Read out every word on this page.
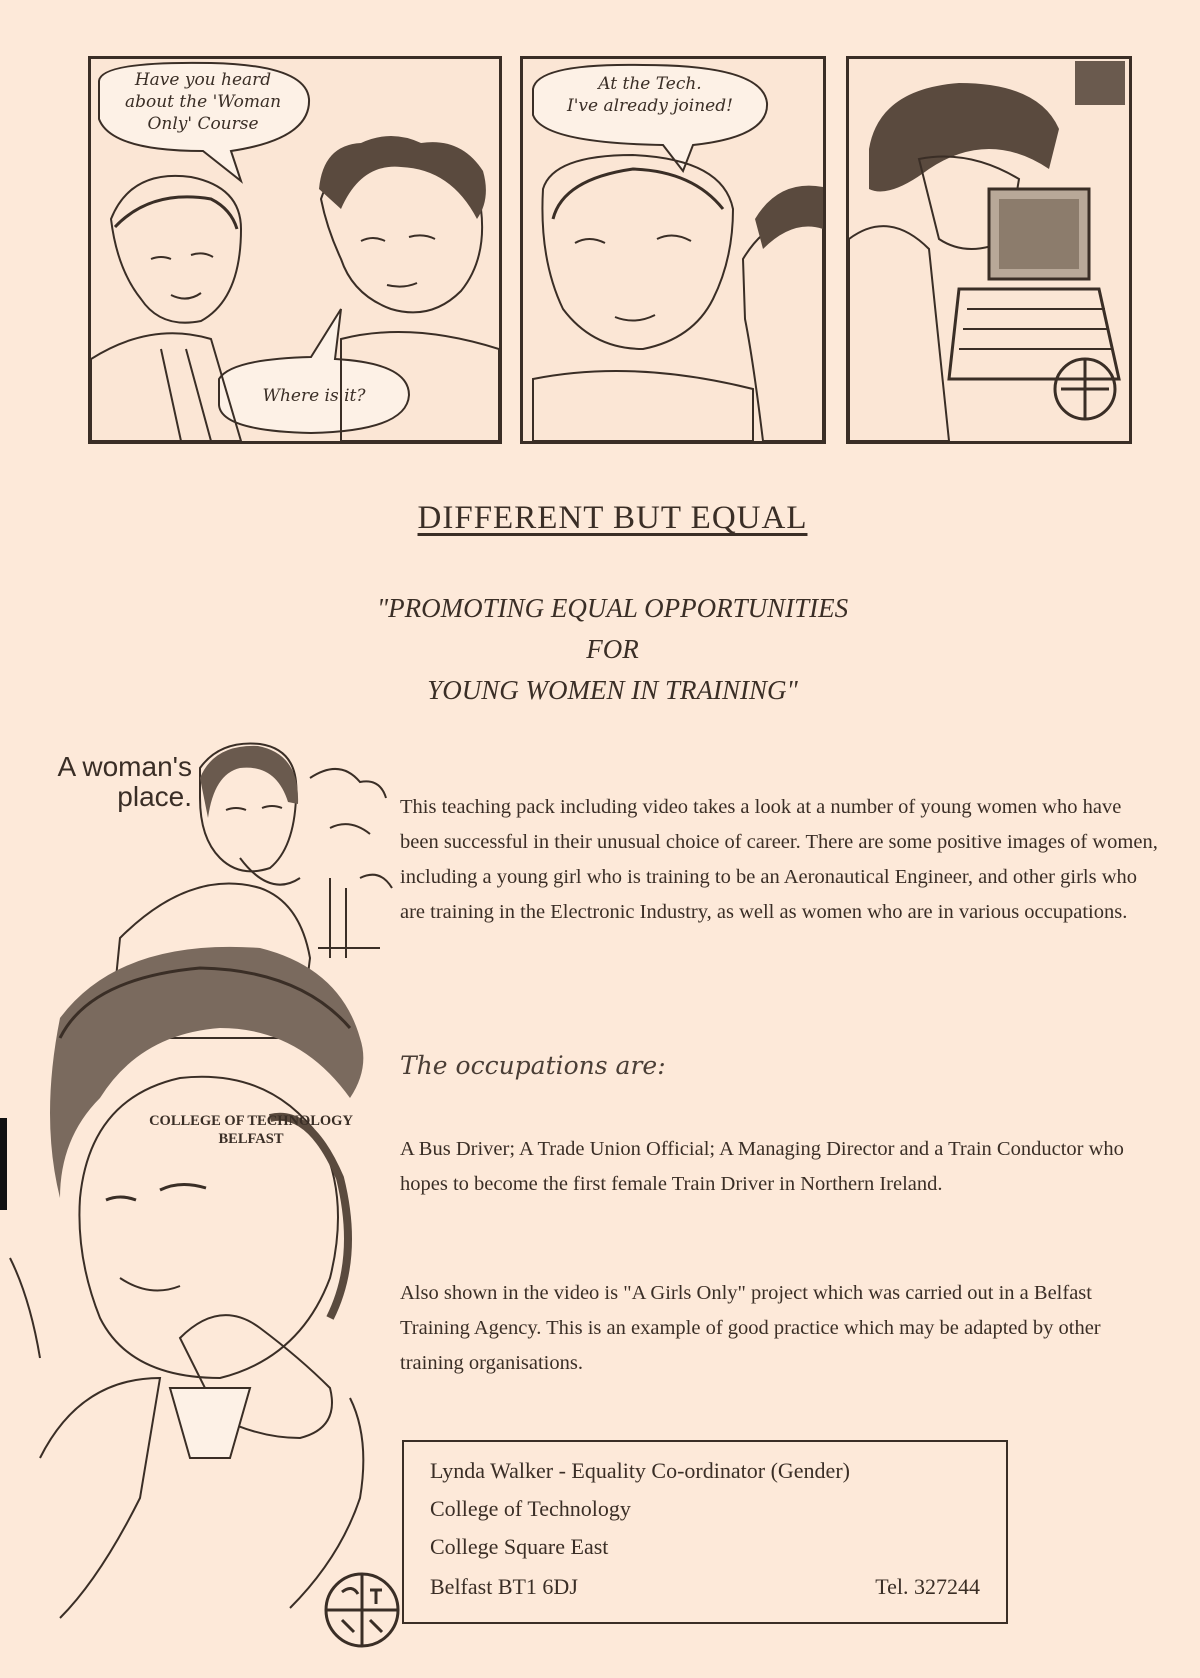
Have you heard
about the 'Woman
Only' Course
Where is it?
At the Tech.
I've already joined!
DIFFERENT BUT EQUAL
"PROMOTING EQUAL OPPORTUNITIES
FOR
YOUNG WOMEN IN TRAINING"
A woman's
place.
COLLEGE OF TECHNOLOGY
BELFAST
This teaching pack including video takes a look at a number of young women who have been successful in their unusual choice of career. There are some positive images of women, including a young girl who is training to be an Aeronautical Engineer, and other girls who are training in the Electronic Industry, as well as women who are in various occupations.
The occupations are:
A Bus Driver; A Trade Union Official; A Managing Director and a Train Conductor who hopes to become the first female Train Driver in Northern Ireland.
Also shown in the video is "A Girls Only" project which was carried out in a Belfast Training Agency. This is an example of good practice which may be adapted by other training organisations.
Lynda Walker - Equality Co-ordinator (Gender)
College of Technology
College Square East
Belfast BT1 6DJ	Tel. 327244
